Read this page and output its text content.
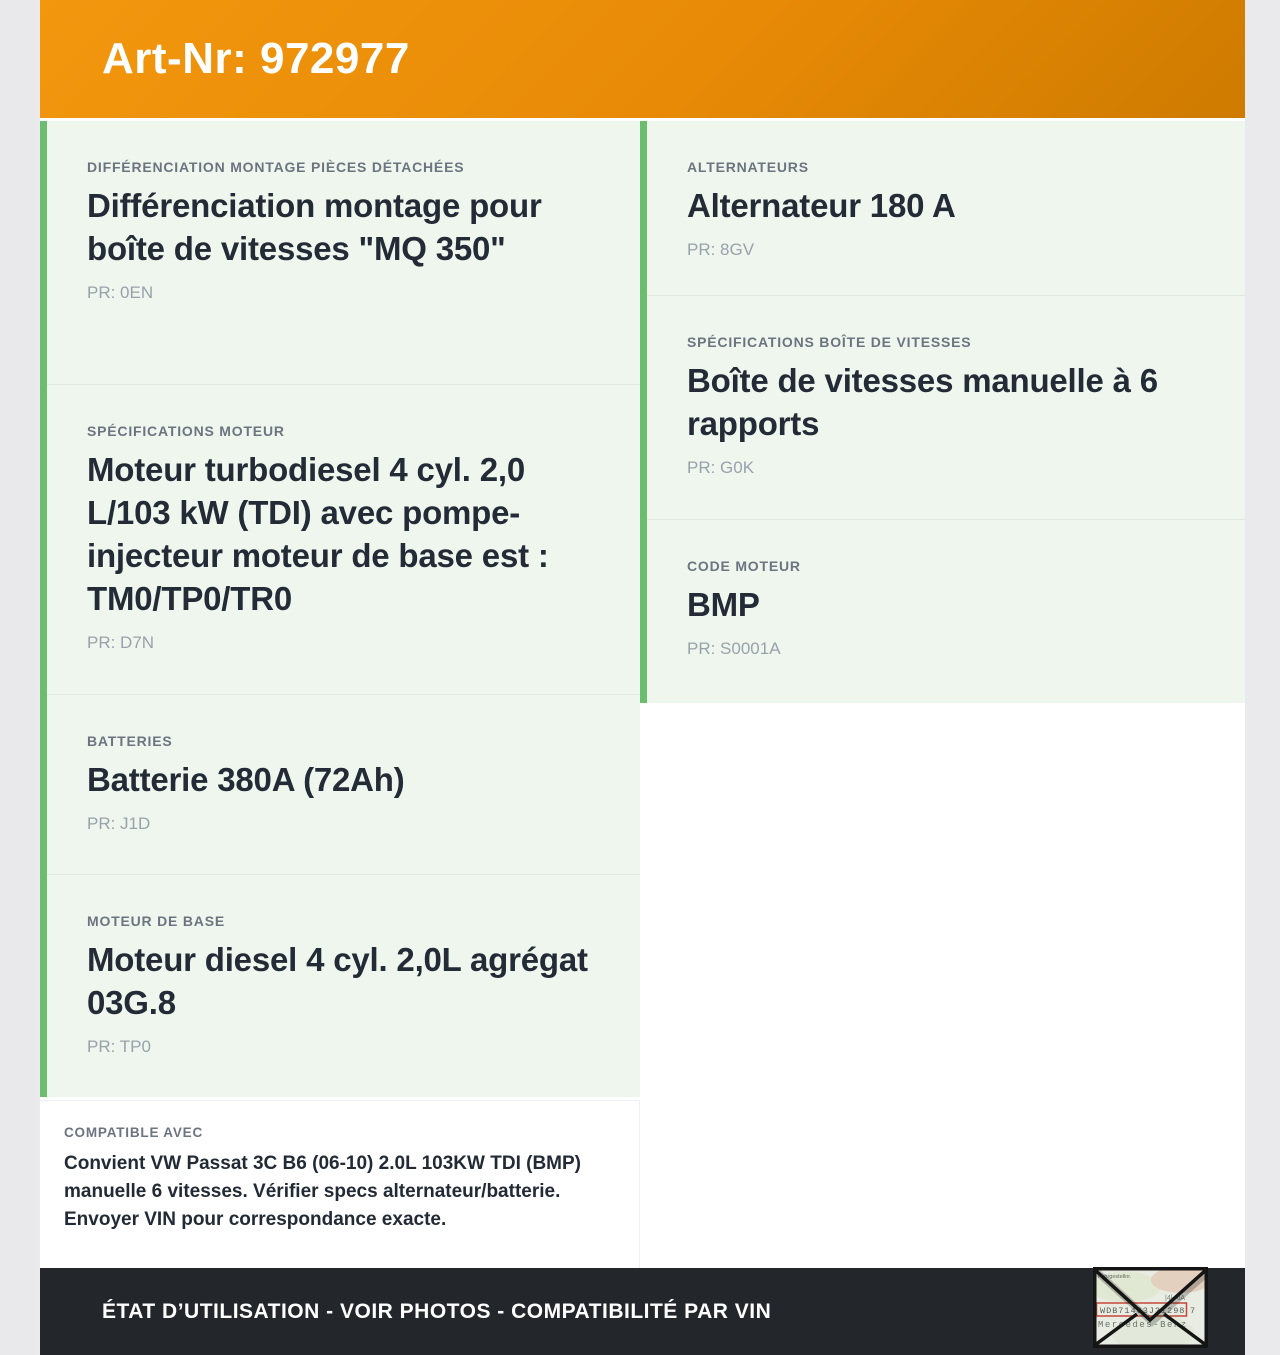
Art-Nr: 972977
DIFFÉRENCIATION MONTAGE PIÈCES DÉTACHÉES
Différenciation montage pour boîte de vitesses "MQ 350"
PR: 0EN
SPÉCIFICATIONS MOTEUR
Moteur turbodiesel 4 cyl. 2,0 L/103 kW (TDI) avec pompe-injecteur moteur de base est : TM0/TP0/TR0
PR: D7N
BATTERIES
Batterie 380A (72Ah)
PR: J1D
MOTEUR DE BASE
Moteur diesel 4 cyl. 2,0L agrégat 03G.8
PR: TP0
COMPATIBLE AVEC
Convient VW Passat 3C B6 (06-10) 2.0L 103KW TDI (BMP) manuelle 6 vitesses. Vérifier specs alternateur/batterie. Envoyer VIN pour correspondance exacte.
ALTERNATEURS
Alternateur 180 A
PR: 8GV
SPÉCIFICATIONS BOÎTE DE VITESSES
Boîte de vitesses manuelle à 6 rapports
PR: G0K
CODE MOTEUR
BMP
PR: S0001A
ÉTAT D’UTILISATION - VOIR PHOTOS - COMPATIBILITÉ PAR VIN
Fahrgestellnr.
|4| AiA
WDB71463J31298 7
Mercedes-Benz
